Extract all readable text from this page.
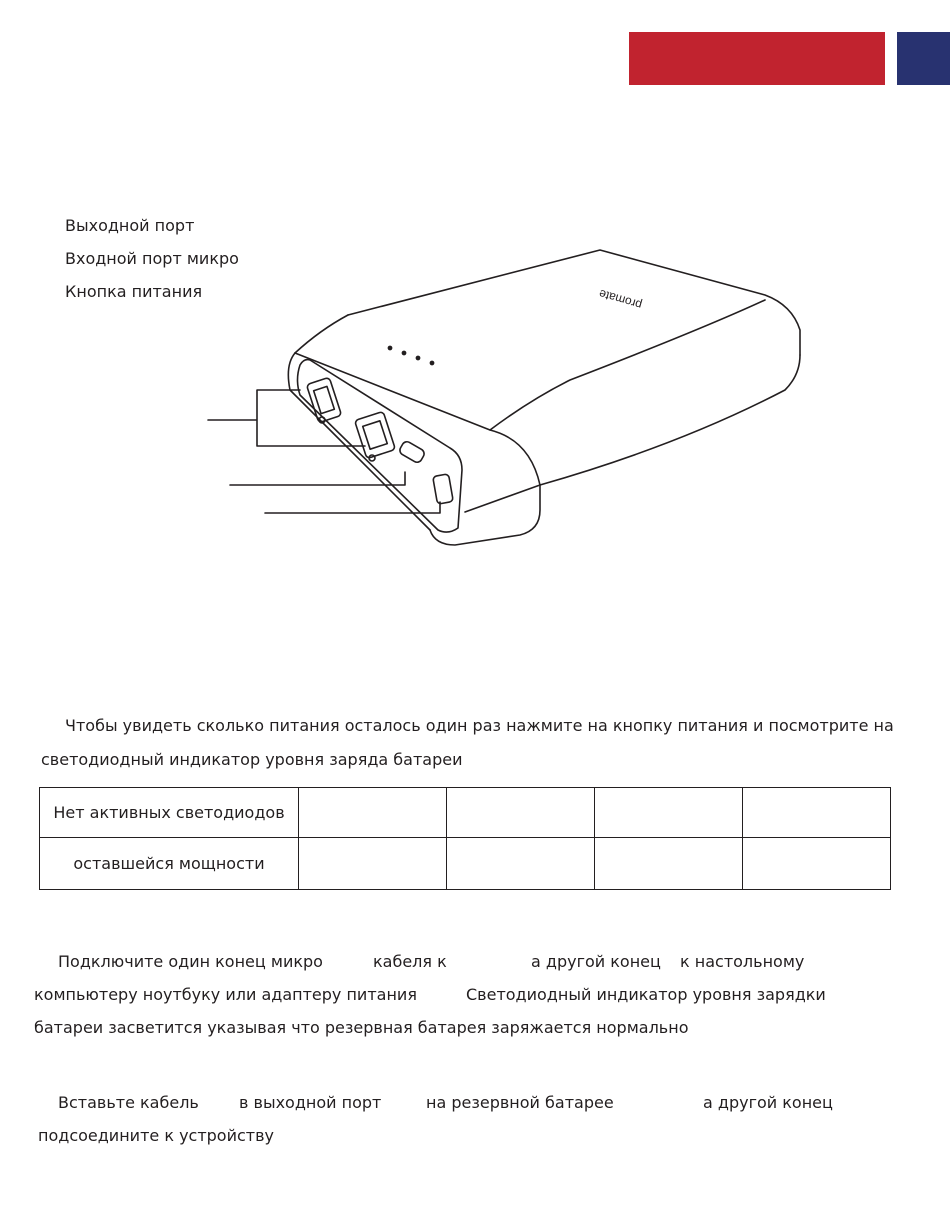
Выходной порт
Входной порт микро
Кнопка питания	promate
Чтобы увидеть сколько питания осталось один раз нажмите на кнопку питания и посмотрите на
светодиодный индикатор уровня заряда батареи
Нет активных светодиодов				
оставшейся мощности				
Подключите один конец микро	кабеля к	а другой конец к настольному
компьютеру ноутбуку или адаптеру питания	Светодиодный индикатор уровня зарядки
батареи засветится указывая что резервная батарея заряжается нормально
Вставьте кабель	в выходной порт	на резервной батарее	а другой конец
подсоедините к устройству
